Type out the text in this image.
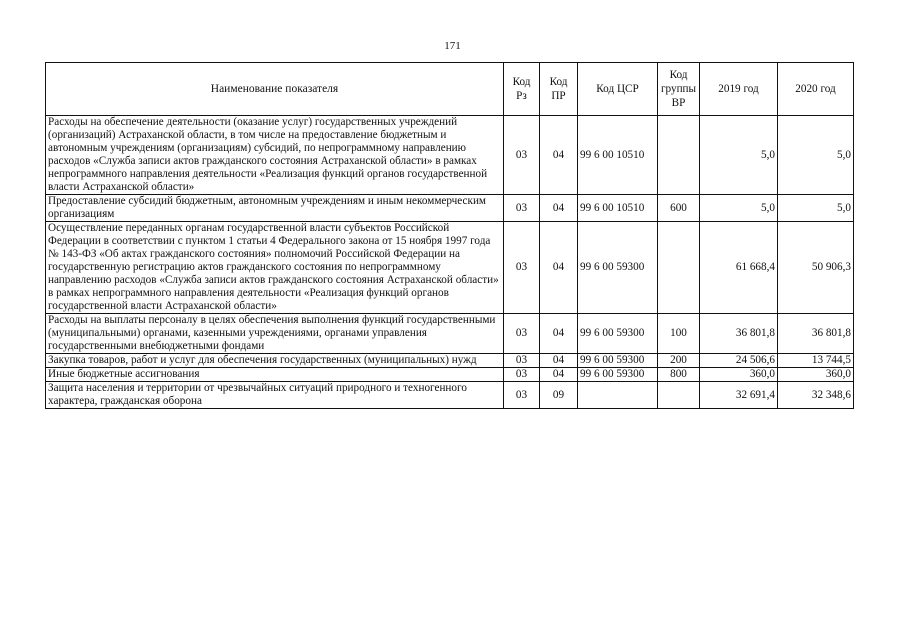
171
Наименование показателя	Код Рз	Код ПР	Код ЦСР	Код группы ВР	2019 год	2020 год
Расходы на обеспечение деятельности (оказание услуг) государственных учреждений (организаций) Астраханской области, в том числе на предоставление бюджетным и автономным учреждениям (организациям) субсидий, по непрограммному направлению расходов «Служба записи актов гражданского состояния Астраханской области» в рамках непрограммного направления деятельности «Реализация функций органов государственной власти Астраханской области»	03	04	99 6 00 10510		5,0	5,0
Предоставление субсидий бюджетным, автономным учреждениям и иным некоммерческим организациям	03	04	99 6 00 10510	600	5,0	5,0
Осуществление переданных органам государственной власти субъектов Российской Федерации в соответствии с пунктом 1 статьи 4 Федерального закона от 15 ноября 1997 года № 143-ФЗ «Об актах гражданского состояния» полномочий Российской Федерации на государственную регистрацию актов гражданского состояния по непрограммному направлению расходов «Служба записи актов гражданского состояния Астраханской области» в рамках непрограммного направления деятельности «Реализация функций органов государственной власти Астраханской области»	03	04	99 6 00 59300		61 668,4	50 906,3
Расходы на выплаты персоналу в целях обеспечения выполнения функций государственными (муниципальными) органами, казенными учреждениями, органами управления государственными внебюджетными фондами	03	04	99 6 00 59300	100	36 801,8	36 801,8
Закупка товаров, работ и услуг для обеспечения государственных (муниципальных) нужд	03	04	99 6 00 59300	200	24 506,6	13 744,5
Иные бюджетные ассигнования	03	04	99 6 00 59300	800	360,0	360,0
Защита населения и территории от чрезвычайных ситуаций природного и техногенного характера, гражданская оборона	03	09			32 691,4	32 348,6
